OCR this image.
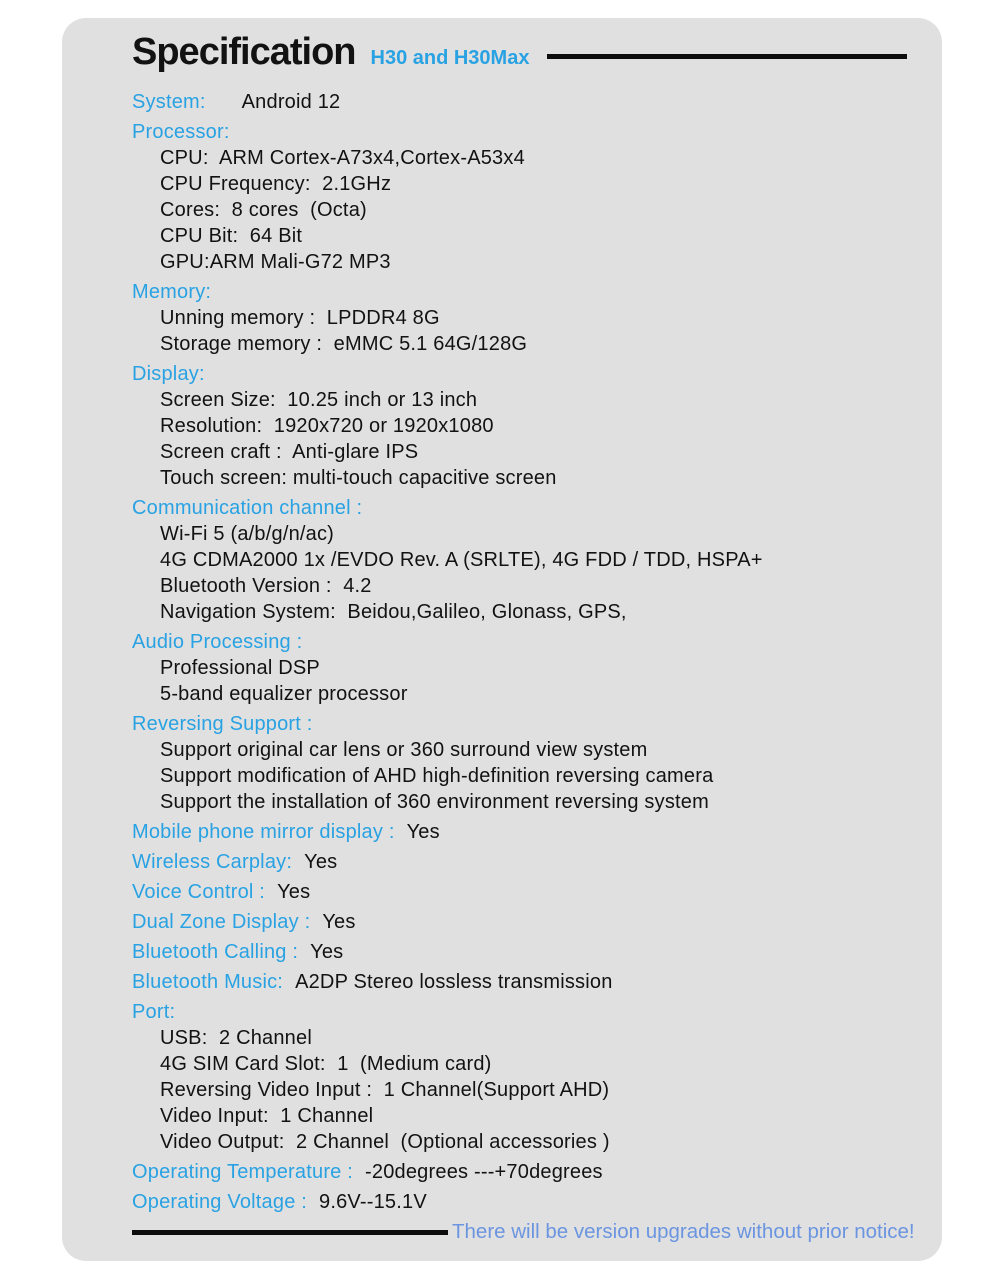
Specification H30 and H30Max
System: Android 12
Processor:
CPU:  ARM Cortex-A73x4,Cortex-A53x4
CPU Frequency:  2.1GHz
Cores:  8 cores  (Octa)
CPU Bit:  64 Bit
GPU:ARM Mali-G72 MP3
Memory:
Unning memory :  LPDDR4 8G
Storage memory :  eMMC 5.1 64G/128G
Display:
Screen Size:  10.25 inch or 13 inch
Resolution:  1920x720 or 1920x1080
Screen craft :  Anti-glare IPS
Touch screen: multi-touch capacitive screen
Communication channel :
Wi-Fi 5 (a/b/g/n/ac)
4G CDMA2000 1x /EVDO Rev. A (SRLTE), 4G FDD / TDD, HSPA+
Bluetooth Version :  4.2
Navigation System:  Beidou,Galileo, Glonass, GPS,
Audio Processing :
Professional DSP
5-band equalizer processor
Reversing Support :
Support original car lens or 360 surround view system
Support modification of AHD high-definition reversing camera
Support the installation of 360 environment reversing system
Mobile phone mirror display : Yes
Wireless Carplay: Yes
Voice Control : Yes
Dual Zone Display : Yes
Bluetooth Calling : Yes
Bluetooth Music: A2DP Stereo lossless transmission
Port:
USB:  2 Channel
4G SIM Card Slot:  1  (Medium card)
Reversing Video Input :  1 Channel(Support AHD)
Video Input:  1 Channel
Video Output:  2 Channel  (Optional accessories )
Operating Temperature : -20degrees ---+70degrees
Operating Voltage : 9.6V--15.1V
There will be version upgrades without prior notice!
